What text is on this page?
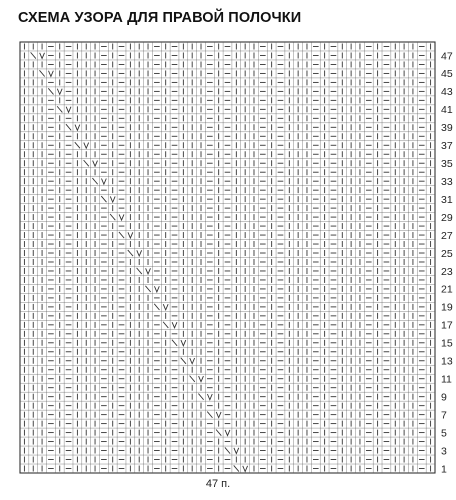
СХЕМА УЗОРА ДЛЯ ПРАВОЙ ПОЛОЧКИ
47
45
43
41
39
37
35
33
31
29
27
25
23
21
19
17
15
13
11
9
7
5
3
1
47 п.
